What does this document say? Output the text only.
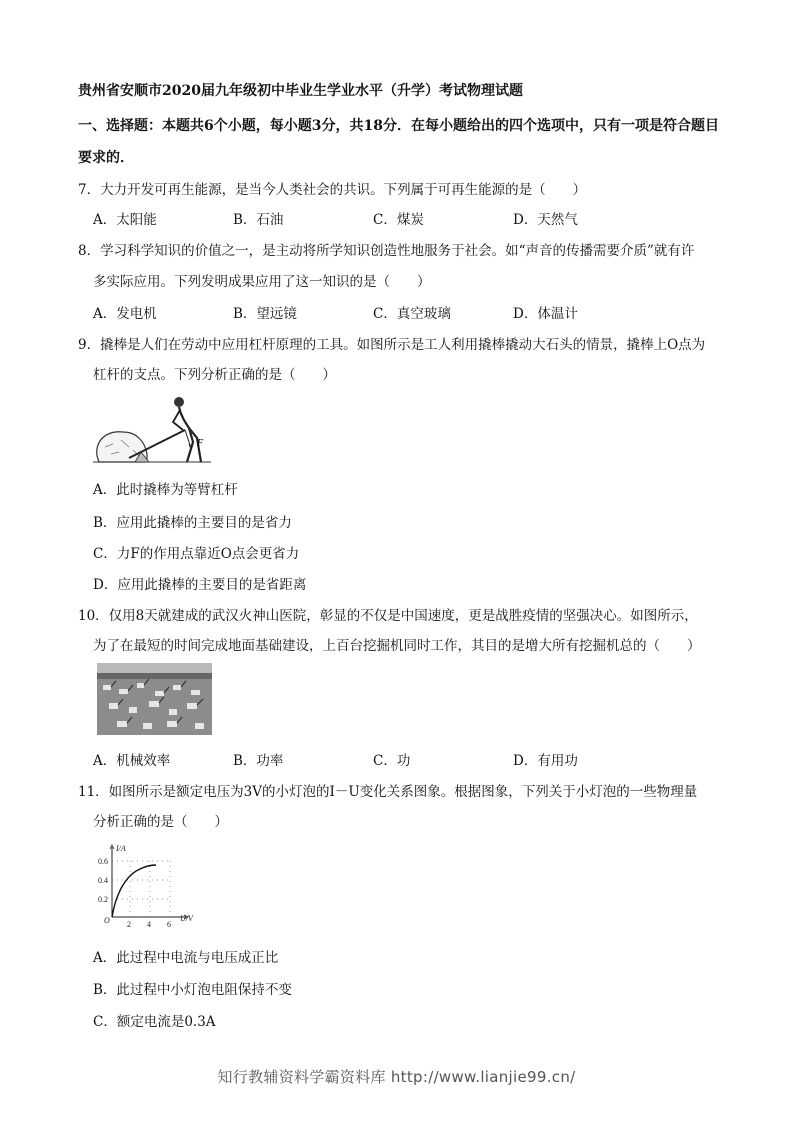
贵州省安顺市2020届九年级初中毕业生学业水平（升学）考试物理试题
一、选择题：本题共6个小题，每小题3分，共18分．在每小题给出的四个选项中，只有一项是符合题目
要求的．
7．大力开发可再生能源，是当今人类社会的共识。下列属于可再生能源的是（　　）
A．太阳能	B．石油	C．煤炭	D．天然气
8．学习科学知识的价值之一，是主动将所学知识创造性地服务于社会。如“声音的传播需要介质”就有许
多实际应用。下列发明成果应用了这一知识的是（　　）
A．发电机	B．望远镜	C．真空玻璃	D．体温计
9．撬棒是人们在劳动中应用杠杆原理的工具。如图所示是工人利用撬棒撬动大石头的情景，撬棒上O点为
杠杆的支点。下列分析正确的是（　　）
F
A．此时撬棒为等臂杠杆
B．应用此撬棒的主要目的是省力
C．力F的作用点靠近O点会更省力
D．应用此撬棒的主要目的是省距离
10．仅用8天就建成的武汉火神山医院，彰显的不仅是中国速度，更是战胜疫情的坚强决心。如图所示，
为了在最短的时间完成地面基础建设，上百台挖掘机同时工作，其目的是增大所有挖掘机总的（　　）
A．机械效率	B．功率	C．功	D．有用功
11．如图所示是额定电压为3V的小灯泡的I－U变化关系图象。根据图象，下列关于小灯泡的一些物理量
分析正确的是（　　）
I/A
U/V
O
0.6
0.4
0.2
2 4 6
A．此过程中电流与电压成正比
B．此过程中小灯泡电阻保持不变
C．额定电流是0.3A
知行教辅资料学霸资料库 http://www.lianjie99.cn/
